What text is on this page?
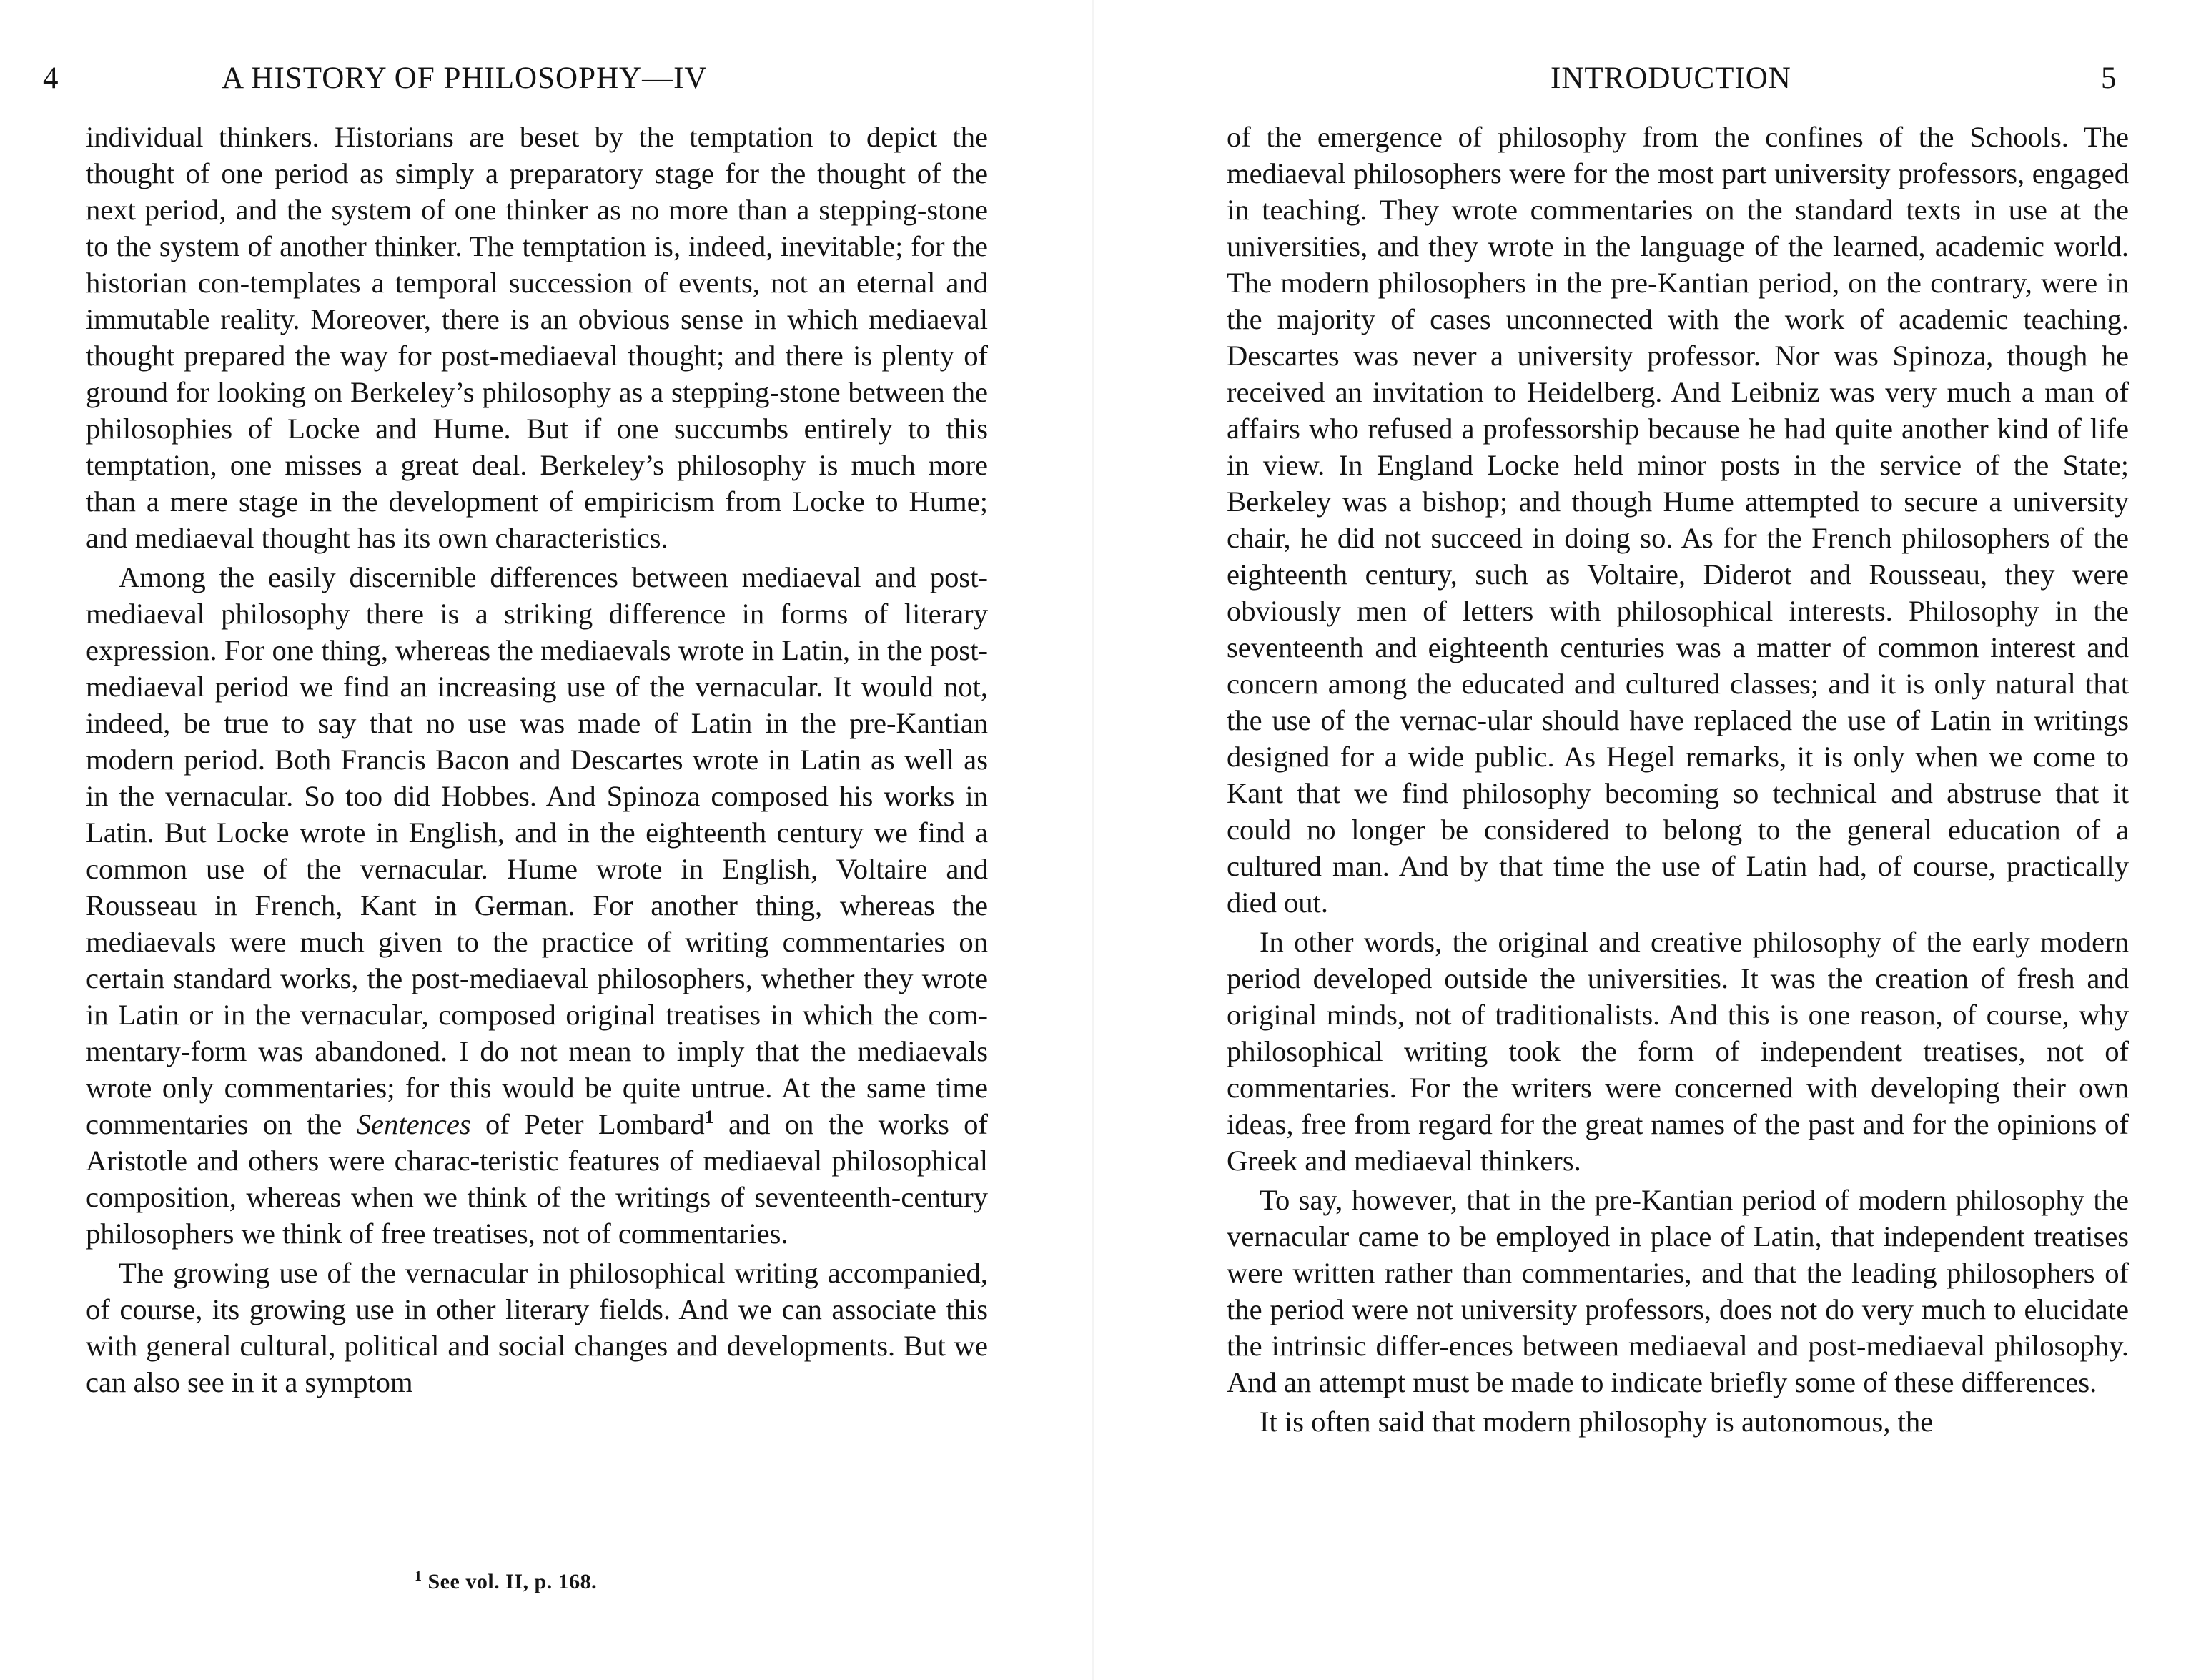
4	A HISTORY OF PHILOSOPHY—IV

individual thinkers. Historians are beset by the temptation to depict the thought of one period as simply a preparatory stage for the thought of the next period, and the system of one thinker as no more than a stepping-stone to the system of another thinker. The temptation is, indeed, inevitable; for the historian con-templates a temporal succession of events, not an eternal and immutable reality. Moreover, there is an obvious sense in which mediaeval thought prepared the way for post-mediaeval thought; and there is plenty of ground for looking on Berkeley’s philosophy as a stepping-stone between the philosophies of Locke and Hume. But if one succumbs entirely to this temptation, one misses a great deal. Berkeley’s philosophy is much more than a mere stage in the development of empiricism from Locke to Hume; and mediaeval thought has its own characteristics.

Among the easily discernible differences between mediaeval and post-mediaeval philosophy there is a striking difference in forms of literary expression. For one thing, whereas the mediaevals wrote in Latin, in the post-mediaeval period we find an increasing use of the vernacular. It would not, indeed, be true to say that no use was made of Latin in the pre-Kantian modern period. Both Francis Bacon and Descartes wrote in Latin as well as in the vernacular. So too did Hobbes. And Spinoza composed his works in Latin. But Locke wrote in English, and in the eighteenth century we find a common use of the vernacular. Hume wrote in English, Voltaire and Rousseau in French, Kant in German. For another thing, whereas the mediaevals were much given to the practice of writing commentaries on certain standard works, the post-mediaeval philosophers, whether they wrote in Latin or in the vernacular, composed original treatises in which the com-mentary-form was abandoned. I do not mean to imply that the mediaevals wrote only commentaries; for this would be quite untrue. At the same time commentaries on the Sentences of Peter Lombard$^1$ and on the works of Aristotle and others were charac-teristic features of mediaeval philosophical composition, whereas when we think of the writings of seventeenth-century philosophers we think of free treatises, not of commentaries.

The growing use of the vernacular in philosophical writing accompanied, of course, its growing use in other literary fields. And we can associate this with general cultural, political and social changes and developments. But we can also see in it a symptom

$^1$ See vol. II, p. 168.
INTRODUCTION	5

of the emergence of philosophy from the confines of the Schools. The mediaeval philosophers were for the most part university professors, engaged in teaching. They wrote commentaries on the standard texts in use at the universities, and they wrote in the language of the learned, academic world. The modern philosophers in the pre-Kantian period, on the contrary, were in the majority of cases unconnected with the work of academic teaching. Descartes was never a university professor. Nor was Spinoza, though he received an invitation to Heidelberg. And Leibniz was very much a man of affairs who refused a professorship because he had quite another kind of life in view. In England Locke held minor posts in the service of the State; Berkeley was a bishop; and though Hume attempted to secure a university chair, he did not succeed in doing so. As for the French philosophers of the eighteenth century, such as Voltaire, Diderot and Rousseau, they were obviously men of letters with philosophical interests. Philosophy in the seventeenth and eighteenth centuries was a matter of common interest and concern among the educated and cultured classes; and it is only natural that the use of the vernac-ular should have replaced the use of Latin in writings designed for a wide public. As Hegel remarks, it is only when we come to Kant that we find philosophy becoming so technical and abstruse that it could no longer be considered to belong to the general education of a cultured man. And by that time the use of Latin had, of course, practically died out.

In other words, the original and creative philosophy of the early modern period developed outside the universities. It was the creation of fresh and original minds, not of traditionalists. And this is one reason, of course, why philosophical writing took the form of independent treatises, not of commentaries. For the writers were concerned with developing their own ideas, free from regard for the great names of the past and for the opinions of Greek and mediaeval thinkers.

To say, however, that in the pre-Kantian period of modern philosophy the vernacular came to be employed in place of Latin, that independent treatises were written rather than commentaries, and that the leading philosophers of the period were not university professors, does not do very much to elucidate the intrinsic differ-ences between mediaeval and post-mediaeval philosophy. And an attempt must be made to indicate briefly some of these differences.

It is often said that modern philosophy is autonomous, the
